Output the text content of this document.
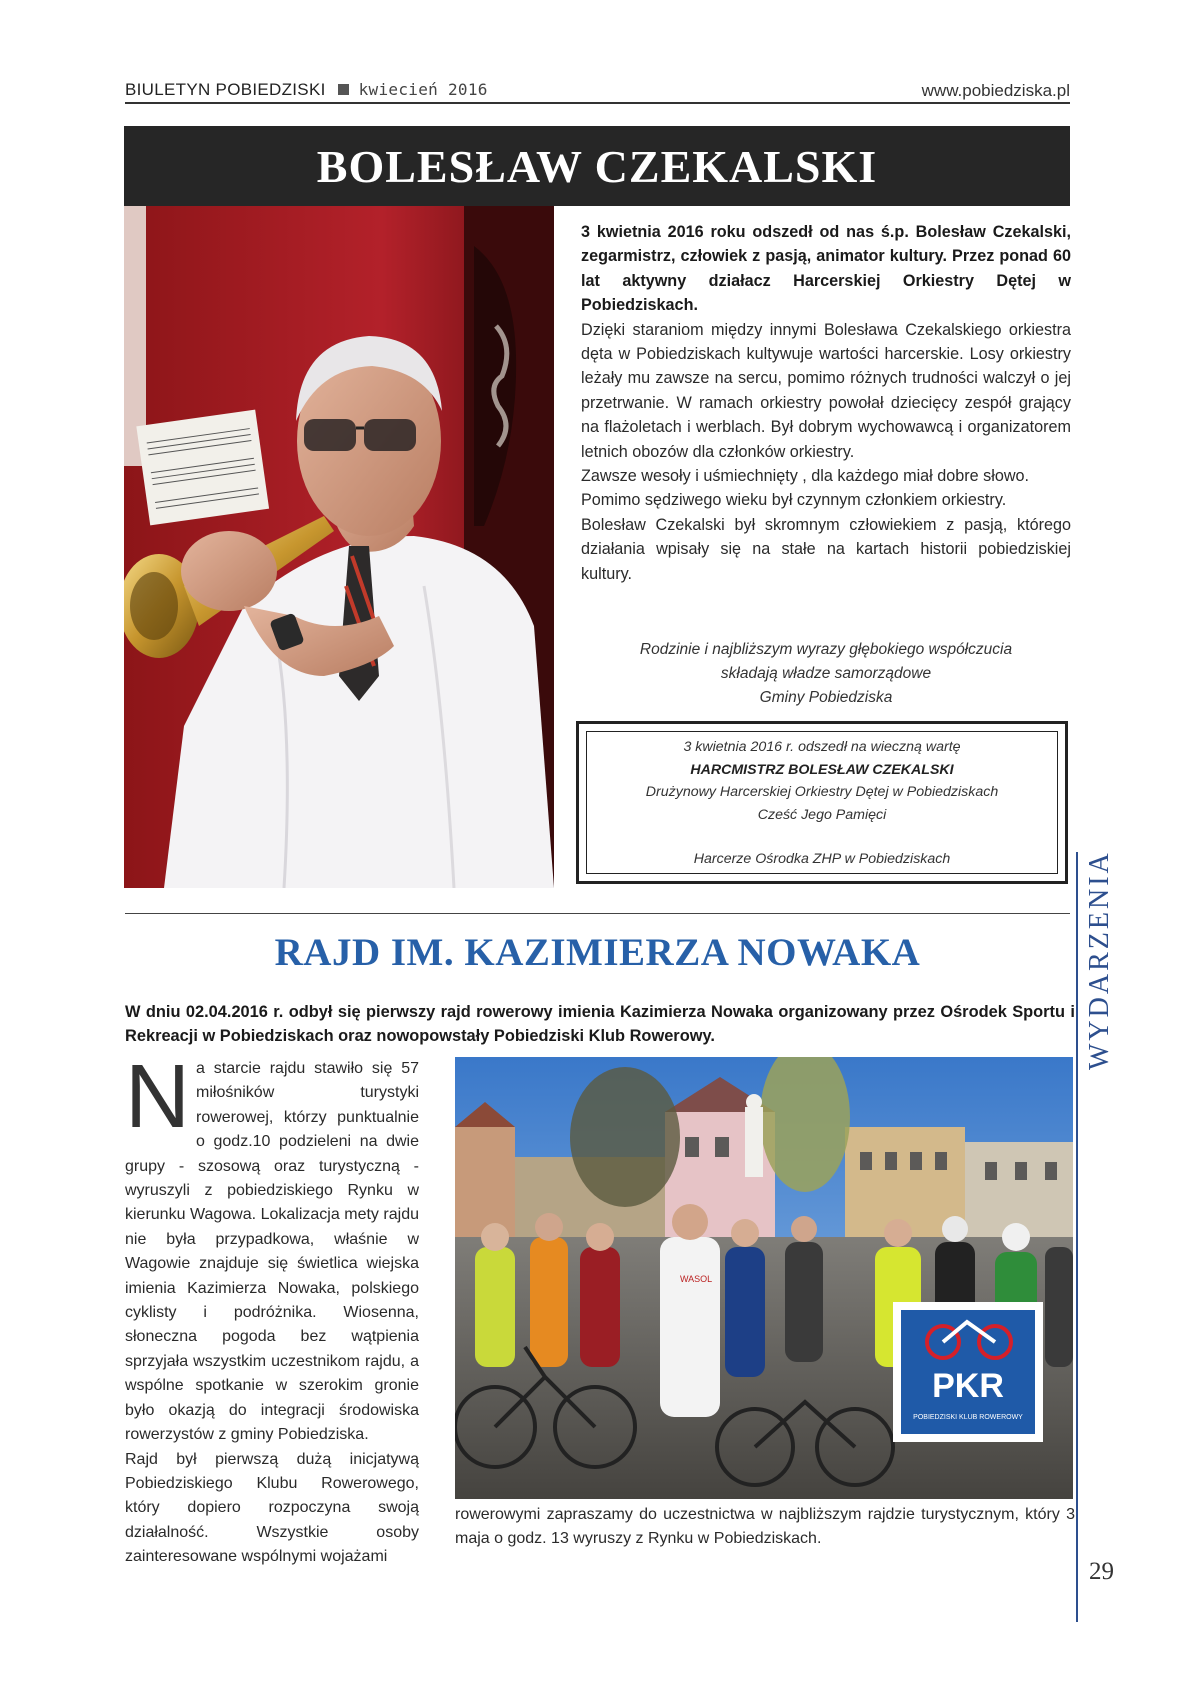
BIULETYN POBIEDZISKI kwiecień 2016	www.pobiedziska.pl
BOLESŁAW CZEKALSKI

3 kwietnia 2016 roku odszedł od nas ś.p. Bolesław Czekalski, zegarmistrz, człowiek z pasją, animator kultury. Przez ponad 60 lat aktywny działacz Harcerskiej Orkiestry Dętej w Pobiedziskach.

Dzięki staraniom między innymi Bolesława Czekalskiego orkiestra dęta w Pobiedziskach kultywuje wartości harcerskie. Losy orkiestry leżały mu zawsze na sercu, pomimo różnych trudności walczył o jej przetrwanie. W ramach orkiestry powołał dziecięcy zespół grający na flażoletach i werblach. Był dobrym wychowawcą i organizatorem letnich obozów dla członków orkiestry.

Zawsze wesoły i uśmiechnięty , dla każdego miał dobre słowo.

Pomimo sędziwego wieku był czynnym członkiem orkiestry.

Bolesław Czekalski był skromnym człowiekiem z pasją, którego działania wpisały się na stałe na kartach historii pobiedziskiej kultury.

Rodzinie i najbliższym wyrazy głębokiego współczucia
składają władze samorządowe
Gminy Pobiedziska
3 kwietnia 2016 r. odszedł na wieczną wartę
HARCMISTRZ BOLESŁAW CZEKALSKI
Drużynowy Harcerskiej Orkiestry Dętej w Pobiedziskach
Cześć Jego Pamięci
Harcerze Ośrodka ZHP w Pobiedziskach	WYDARZENIA
29
RAJD IM. KAZIMIERZA NOWAKA
W dniu 02.04.2016 r. odbył się pierwszy rajd rowerowy imienia Kazimierza Nowaka organizowany przez Ośrodek Sportu i Rekreacji w Pobiedziskach oraz nowopowstały Pobiedziski Klub Rowerowy.

Na starcie rajdu stawiło się 57 miłośników turystyki rowerowej, którzy punktualnie o godz.10 podzieleni na dwie grupy - szosową oraz turystyczną - wyruszyli z pobiedziskiego Rynku w kierunku Wagowa. Lokalizacja mety rajdu nie była przypadkowa, właśnie w Wagowie znajduje się świetlica wiejska imienia Kazimierza Nowaka, polskiego cyklisty i podróżnika. Wiosenna, słoneczna pogoda bez wątpienia sprzyjała wszystkim uczestnikom rajdu, a wspólne spotkanie w szerokim gronie było okazją do integracji środowiska rowerzystów z gminy Pobiedziska.

Rajd był pierwszą dużą inicjatywą Pobiedziskiego Klubu Rowerowego, który dopiero rozpoczyna swoją działalność. Wszystkie osoby zainteresowane wspólnymi wojażami

WASOL
PKR
POBIEDZISKI KLUB ROWEROWY
rowerowymi zapraszamy do uczestnictwa w najbliższym rajdzie turystycznym, który 3 maja o godz. 13 wyruszy z Rynku w Pobiedziskach.
